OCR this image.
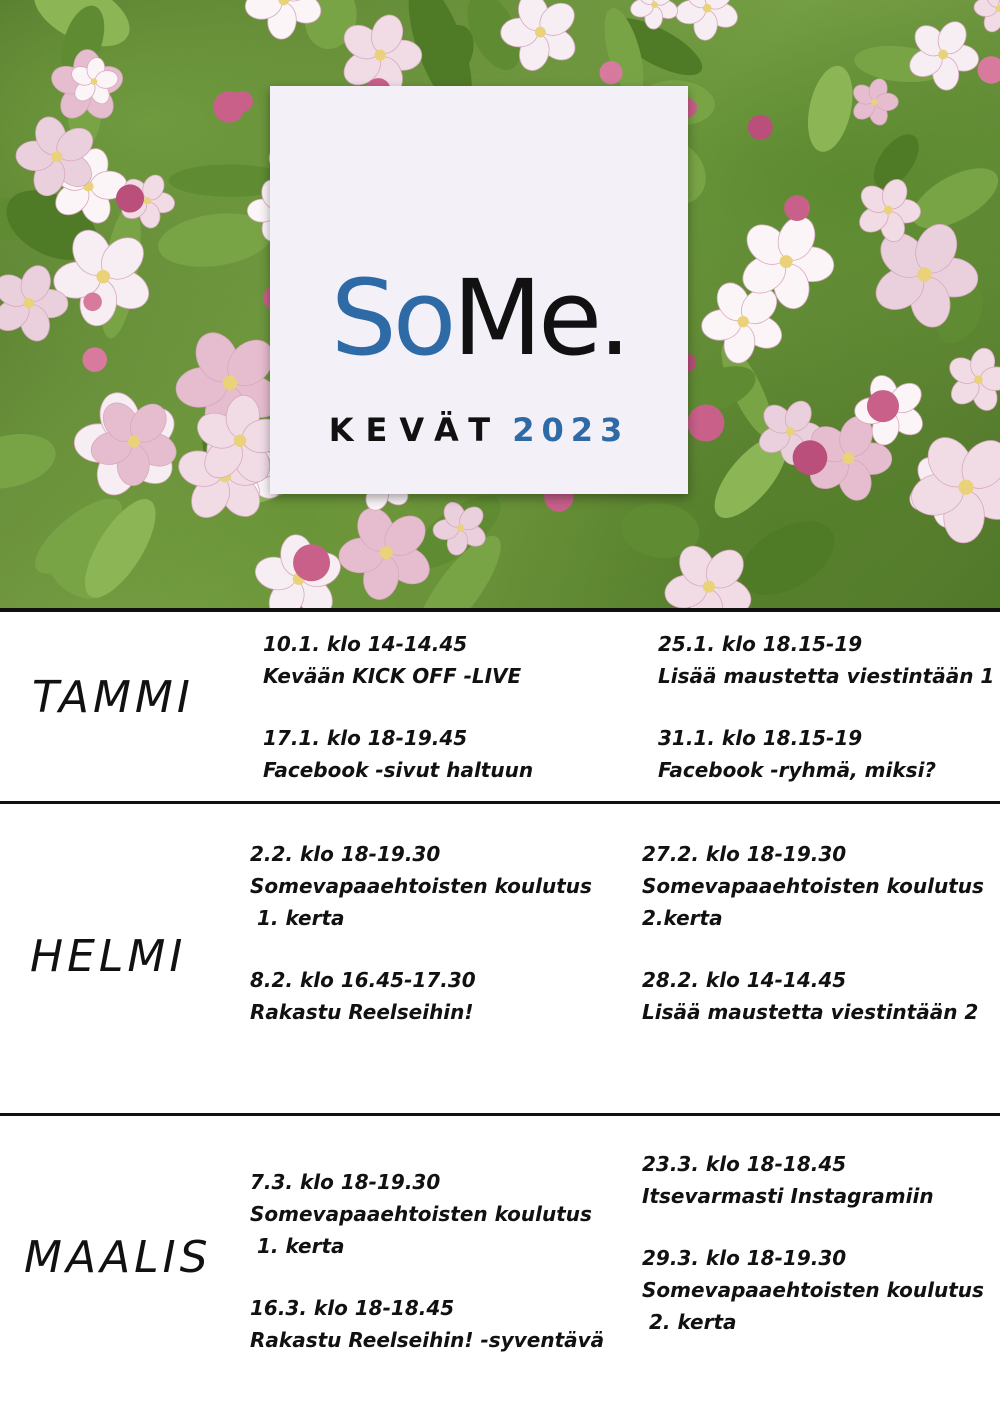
SoMe.
KEVÄT 2023
TAMMI
10.1. klo 14-14.45
Kevään KICK OFF -LIVE
17.1. klo 18-19.45
Facebook -sivut haltuun
25.1. klo 18.15-19
Lisää maustetta viestintään 1
31.1. klo 18.15-19
Facebook -ryhmä, miksi?
HELMI
2.2. klo 18-19.30
Somevapaaehtoisten koulutus
1. kerta
8.2. klo 16.45-17.30
Rakastu Reelseihin!
27.2. klo 18-19.30
Somevapaaehtoisten koulutus
2.kerta
28.2. klo 14-14.45
Lisää maustetta viestintään 2
MAALIS
7.3. klo 18-19.30
Somevapaaehtoisten koulutus
1. kerta
16.3. klo 18-18.45
Rakastu Reelseihin! -syventävä
23.3. klo 18-18.45
Itsevarmasti Instagramiin
29.3. klo 18-19.30
Somevapaaehtoisten koulutus
2. kerta
